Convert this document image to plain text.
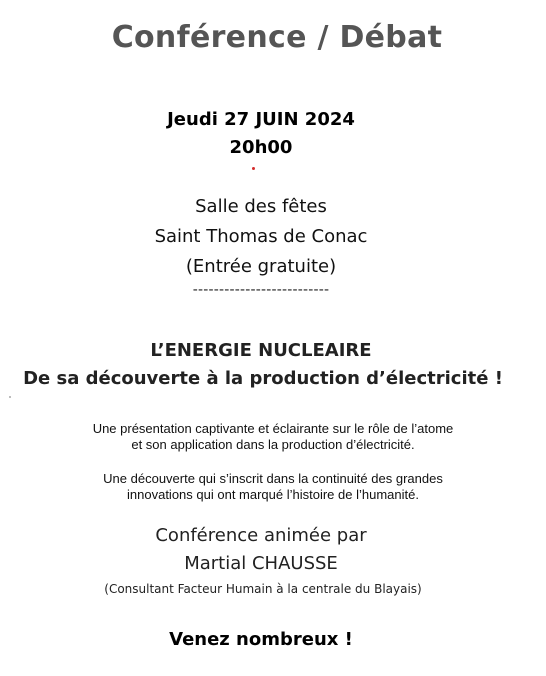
Conférence / Débat
Jeudi 27 JUIN 2024
20h00
Salle des fêtes
Saint Thomas de Conac
(Entrée gratuite)
--------------------------
L’ENERGIE NUCLEAIRE
De sa découverte à la production d’électricité !
Une présentation captivante et éclairante sur le rôle de l’atome
et son application dans la production d’électricité.
Une découverte qui s’inscrit dans la continuité des grandes
innovations qui ont marqué l’histoire de l’humanité.
Conférence animée par
Martial CHAUSSE
(Consultant Facteur Humain à la centrale du Blayais)
Venez nombreux !
